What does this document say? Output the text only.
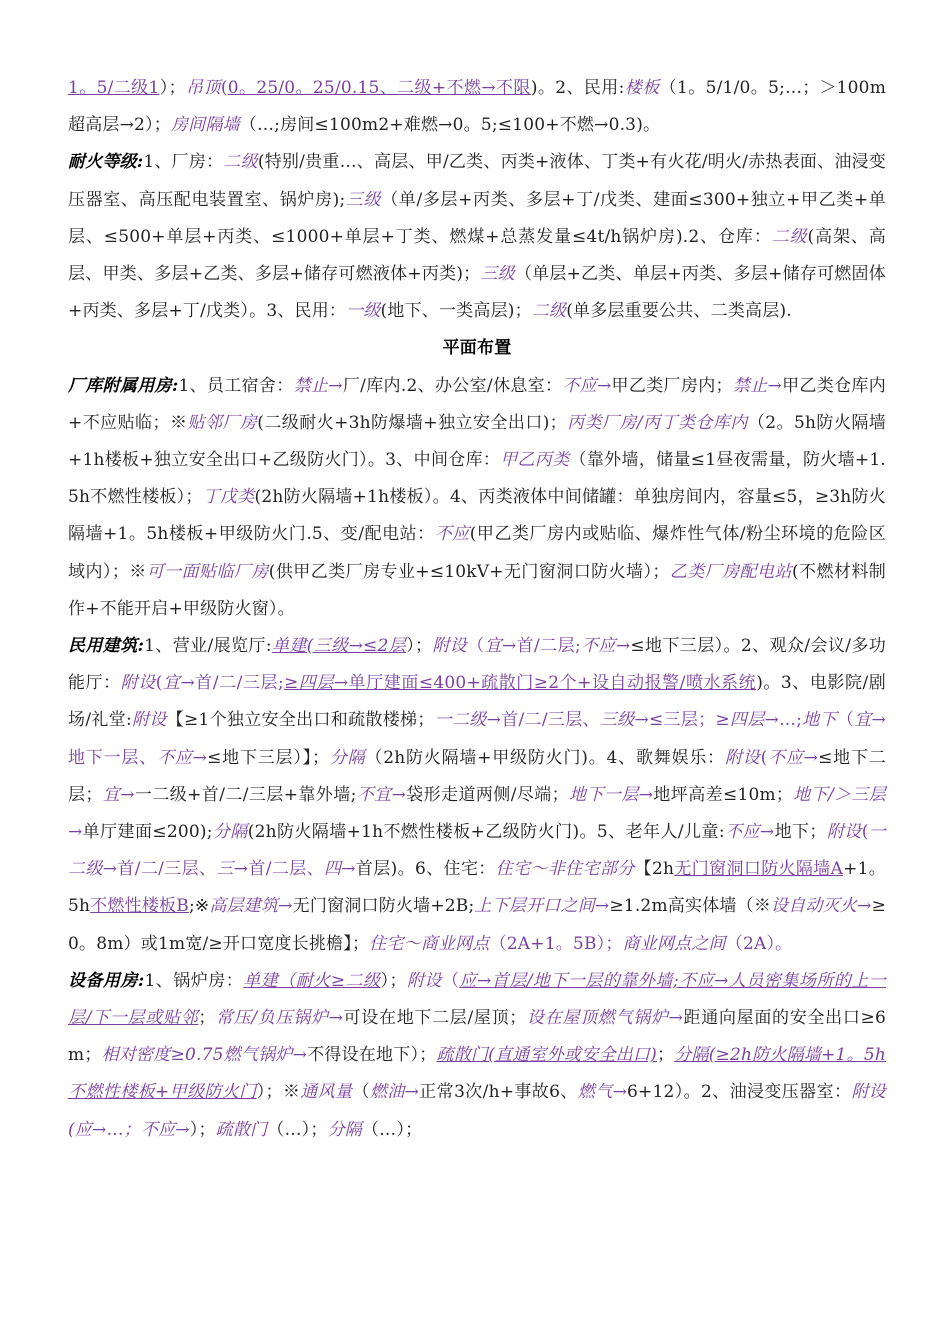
1。5/二级1）；吊顶(0。25/0。25/0.15、二级+不燃→不限)。2、民用:楼板（1。5/1/0。5;…；＞100m超高层→2）；房间隔墙（…;房间≤100m2+难燃→0。5;≤100+不燃→0.3)。

耐火等级:1、厂房：二级(特别/贵重…、高层、甲/乙类、丙类+液体、丁类+有火花/明火/赤热表面、油浸变压器室、高压配电装置室、锅炉房);三级（单/多层+丙类、多层+丁/戊类、建面≤300+独立+甲乙类+单层、≤500+单层+丙类、≤1000+单层+丁类、燃煤+总蒸发量≤4t/h锅炉房).2、仓库：二级(高架、高层、甲类、多层+乙类、多层+储存可燃液体+丙类)；三级（单层+乙类、单层+丙类、多层+储存可燃固体+丙类、多层+丁/戊类）。3、民用：一级(地下、一类高层)；二级(单多层重要公共、二类高层).

平面布置

厂库附属用房:1、员工宿舍：禁止→厂/库内.2、办公室/休息室：不应→甲乙类厂房内；禁止→甲乙类仓库内+不应贴临；※贴邻厂房(二级耐火+3h防爆墙+独立安全出口)；丙类厂房/丙丁类仓库内（2。5h防火隔墙+1h楼板+独立安全出口+乙级防火门）。3、中间仓库：甲乙丙类（靠外墙，储量≤1昼夜需量，防火墙+1.5h不燃性楼板）；丁戊类(2h防火隔墙+1h楼板）。4、丙类液体中间储罐：单独房间内，容量≤5，≥3h防火隔墙+1。5h楼板+甲级防火门.5、变/配电站：不应(甲乙类厂房内或贴临、爆炸性气体/粉尘环境的危险区域内）；※可一面贴临厂房(供甲乙类厂房专业+≤10kV+无门窗洞口防火墙）；乙类厂房配电站(不燃材料制作+不能开启+甲级防火窗）。

民用建筑:1、营业/展览厅:单建(三级→≤2层）；附设（宜→首/二层;不应→≤地下三层）。2、观众/会议/多功能厅：附设(宜→首/二/三层;≥四层→单厅建面≤400+疏散门≥2个+设自动报警/喷水系统)。3、电影院/剧场/礼堂:附设【≥1个独立安全出口和疏散楼梯；一二级→首/二/三层、三级→≤三层；≥四层→…;地下（宜→地下一层、不应→≤地下三层）】；分隔（2h防火隔墙+甲级防火门)。4、歌舞娱乐：附设(不应→≤地下二层；宜→一二级+首/二/三层+靠外墙;不宜→袋形走道两侧/尽端；地下一层→地坪高差≤10m；地下/＞三层→单厅建面≤200);分隔(2h防火隔墙+1h不燃性楼板+乙级防火门)。5、老年人/儿童:不应→地下；附设(一二级→首/二/三层、三→首/二层、四→首层)。6、住宅：住宅～非住宅部分【2h无门窗洞口防火隔墙A+1。5h不燃性楼板B;※高层建筑→无门窗洞口防火墙+2B;上下层开口之间→≥1.2m高实体墙（※设自动灭火→≥0。8m）或1m宽/≥开口宽度长挑檐】；住宅～商业网点（2A+1。5B）；商业网点之间（2A）。

设备用房:1、锅炉房：单建（耐火≥二级）；附设（应→首层/地下一层的靠外墙;不应→人员密集场所的上一层/下一层或贴邻；常压/负压锅炉→可设在地下二层/屋顶；设在屋顶燃气锅炉→距通向屋面的安全出口≥6m；相对密度≥0.75燃气锅炉→不得设在地下）；疏散门(直通室外或安全出口)；分隔(≥2h防火隔墙+1。5h不燃性楼板+甲级防火门）；※通风量（燃油→正常3次/h+事故6、燃气→6+12）。2、油浸变压器室：附设(应→…；不应→）；疏散门（…）；分隔（…）；
